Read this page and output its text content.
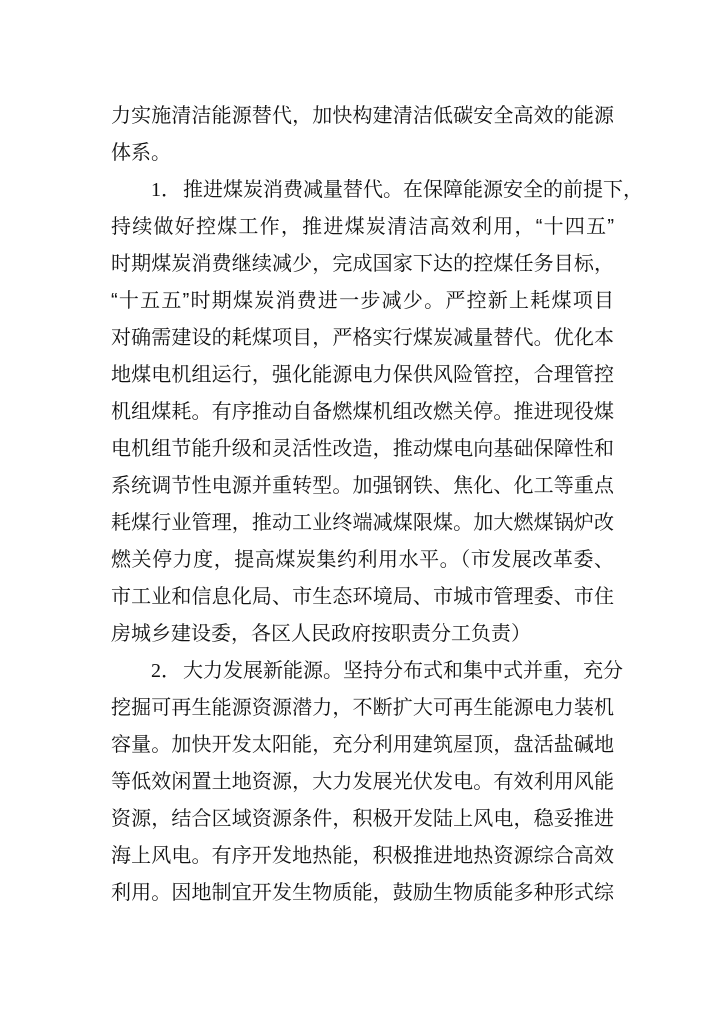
力实施清洁能源替代，加快构建清洁低碳安全高效的能源
体系。
1． 推进煤炭消费减量替代。在保障能源安全的前提下，
持续做好控煤工作，推进煤炭清洁高效利用，“十四五”
时期煤炭消费继续减少，完成国家下达的控煤任务目标，
“十五五”时期煤炭消费进一步减少。严控新上耗煤项目
对确需建设的耗煤项目，严格实行煤炭减量替代。优化本
地煤电机组运行，强化能源电力保供风险管控，合理管控
机组煤耗。有序推动自备燃煤机组改燃关停。推进现役煤
电机组节能升级和灵活性改造，推动煤电向基础保障性和
系统调节性电源并重转型。加强钢铁、焦化、化工等重点
耗煤行业管理，推动工业终端减煤限煤。加大燃煤锅炉改
燃关停力度，提高煤炭集约利用水平。（市发展改革委、
市工业和信息化局、市生态环境局、市城市管理委、市住
房城乡建设委，各区人民政府按职责分工负责）
2． 大力发展新能源。坚持分布式和集中式并重，充分
挖掘可再生能源资源潜力，不断扩大可再生能源电力装机
容量。加快开发太阳能，充分利用建筑屋顶，盘活盐碱地
等低效闲置土地资源，大力发展光伏发电。有效利用风能
资源，结合区域资源条件，积极开发陆上风电，稳妥推进
海上风电。有序开发地热能，积极推进地热资源综合高效
利用。因地制宜开发生物质能，鼓励生物质能多种形式综
